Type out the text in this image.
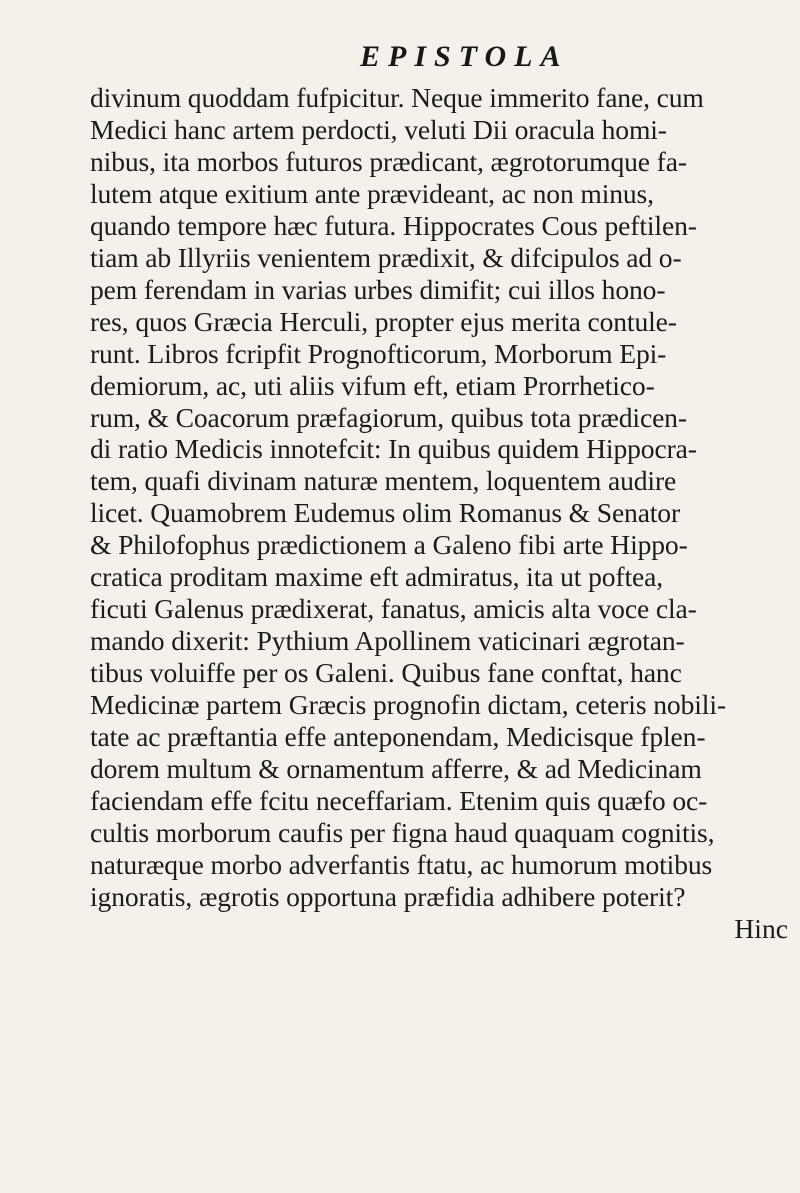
EPISTOLA
divinum quoddam fufpicitur. Neque immerito fane, cum
Medici hanc artem perdocti, veluti Dii oracula homi-
nibus, ita morbos futuros prædicant, ægrotorumque fa-
lutem atque exitium ante prævideant, ac non minus,
quando tempore hæc futura. Hippocrates Cous peftilen-
tiam ab Illyriis venientem prædixit, & difcipulos ad o-
pem ferendam in varias urbes dimifit; cui illos hono-
res, quos Græcia Herculi, propter ejus merita contule-
runt. Libros fcripfit Prognofticorum, Morborum Epi-
demiorum, ac, uti aliis vifum eft, etiam Prorrhetico-
rum, & Coacorum præfagiorum, quibus tota prædicen-
di ratio Medicis innotefcit: In quibus quidem Hippocra-
tem, quafi divinam naturæ mentem, loquentem audire
licet. Quamobrem Eudemus olim Romanus & Senator
& Philofophus prædictionem a Galeno fibi arte Hippo-
cratica proditam maxime eft admiratus, ita ut poftea,
ficuti Galenus prædixerat, fanatus, amicis alta voce cla-
mando dixerit: Pythium Apollinem vaticinari ægrotan-
tibus voluiffe per os Galeni. Quibus fane conftat, hanc
Medicinæ partem Græcis prognofin dictam, ceteris nobili-
tate ac præftantia effe anteponendam, Medicisque fplen-
dorem multum & ornamentum afferre, & ad Medicinam
faciendam effe fcitu neceffariam. Etenim quis quæfo oc-
cultis morborum caufis per figna haud quaquam cognitis,
naturæque morbo adverfantis ftatu, ac humorum motibus
ignoratis, ægrotis opportuna præfidia adhibere poterit?
Hinc
